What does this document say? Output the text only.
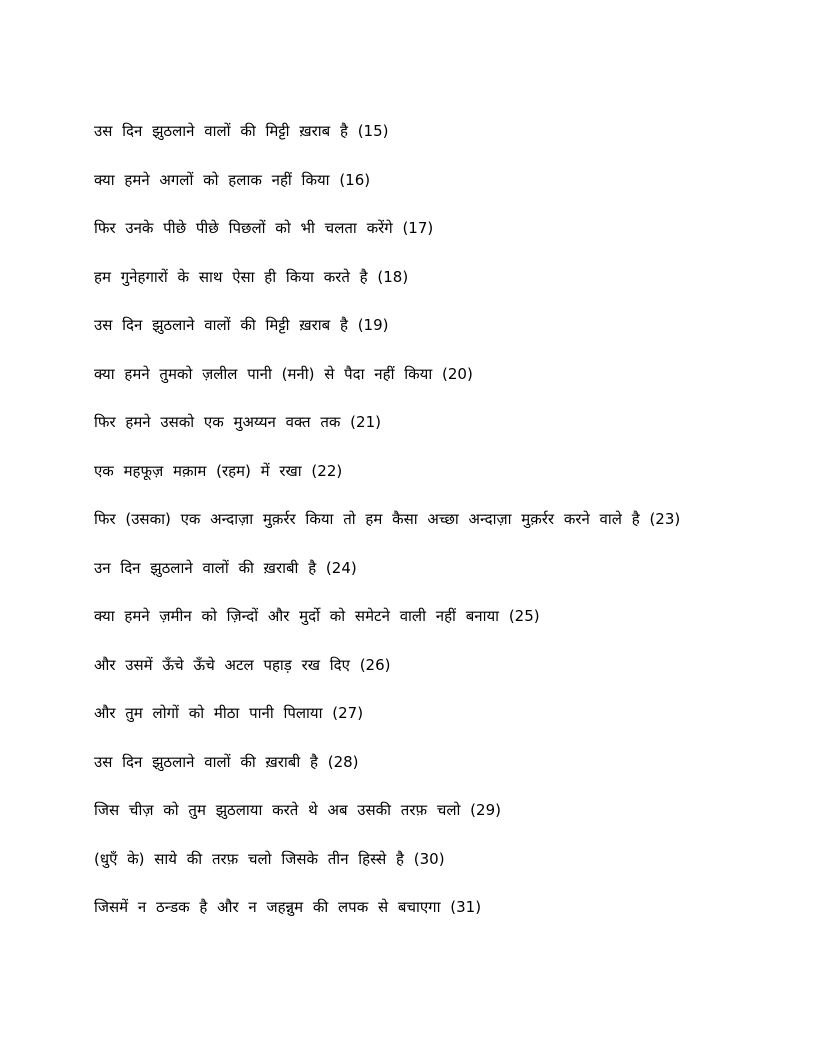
उस दिन झुठलाने वालों की मिट्टी ख़राब है (15)
क्या हमने अगलों को हलाक नहीं किया (16)
फिर उनके पीछे पीछे पिछलों को भी चलता करेंगे (17)
हम गुनेहगारों के साथ ऐसा ही किया करते है (18)
उस दिन झुठलाने वालों की मिट्टी ख़राब है (19)
क्या हमने तुमको ज़लील पानी (मनी) से पैदा नहीं किया (20)
फिर हमने उसको एक मुअय्यन वक्त तक (21)
एक महफूज़ मक़ाम (रहम) में रखा (22)
फिर (उसका) एक अन्दाज़ा मुक़र्रर किया तो हम कैसा अच्छा अन्दाज़ा मुक़र्रर करने वाले है (23)
उन दिन झुठलाने वालों की ख़राबी है (24)
क्या हमने ज़मीन को ज़िन्दों और मुर्दो को समेटने वाली नहीं बनाया (25)
और उसमें ऊँचे ऊँचे अटल पहाड़ रख दिए (26)
और तुम लोगों को मीठा पानी पिलाया (27)
उस दिन झुठलाने वालों की ख़राबी है (28)
जिस चीज़ को तुम झुठलाया करते थे अब उसकी तरफ़ चलो (29)
(धुएँ के) साये की तरफ़ चलो जिसके तीन हिस्से है (30)
जिसमें न ठन्डक है और न जहन्नुम की लपक से बचाएगा (31)
